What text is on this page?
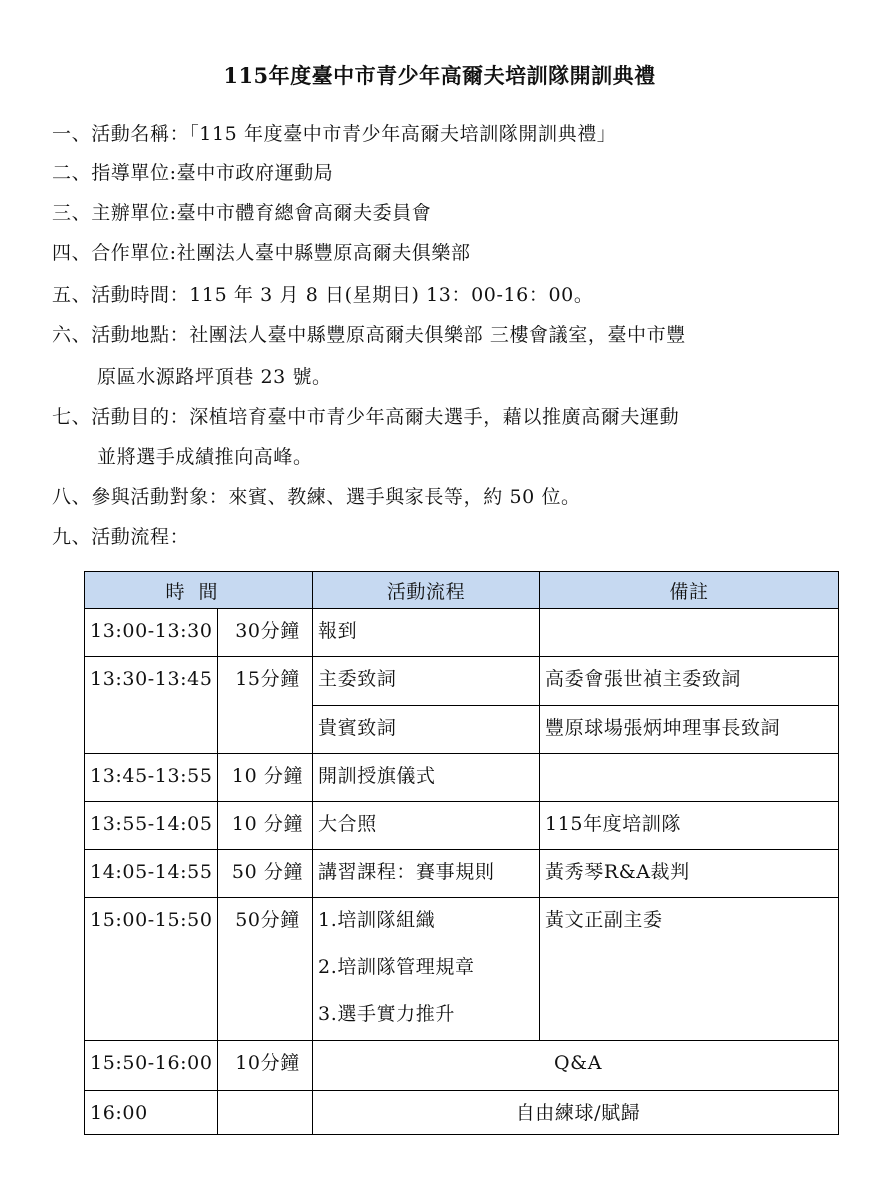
115年度臺中市青少年高爾夫培訓隊開訓典禮
一、活動名稱：「115 年度臺中市青少年高爾夫培訓隊開訓典禮」
二、指導單位:臺中市政府運動局
三、主辦單位:臺中市體育總會高爾夫委員會
四、合作單位:社團法人臺中縣豐原高爾夫俱樂部
五、活動時間：115 年 3 月 8 日(星期日) 13：00-16：00。
六、活動地點：社團法人臺中縣豐原高爾夫俱樂部 三樓會議室，臺中市豐
原區水源路坪頂巷 23 號。
七、活動目的：深植培育臺中市青少年高爾夫選手，藉以推廣高爾夫運動
並將選手成績推向高峰。
八、參與活動對象：來賓、教練、選手與家長等，約 50 位。
九、活動流程：
時間		活動流程	備註
13:00-13:30	30分鐘	報到	
13:30-13:45	15分鐘	主委致詞	高委會張世禎主委致詞
		貴賓致詞	豐原球場張炳坤理事長致詞
13:45-13:55	10 分鐘	開訓授旗儀式	
13:55-14:05	10 分鐘	大合照	115年度培訓隊
14:05-14:55	50 分鐘	講習課程：賽事規則	黃秀琴R&A裁判
15:00-15:50	50分鐘	1.培訓隊組織
2.培訓隊管理規章
3.選手實力推升	黃文正副主委
15:50-16:00	10分鐘	Q&A	
16:00		自由練球/賦歸	
